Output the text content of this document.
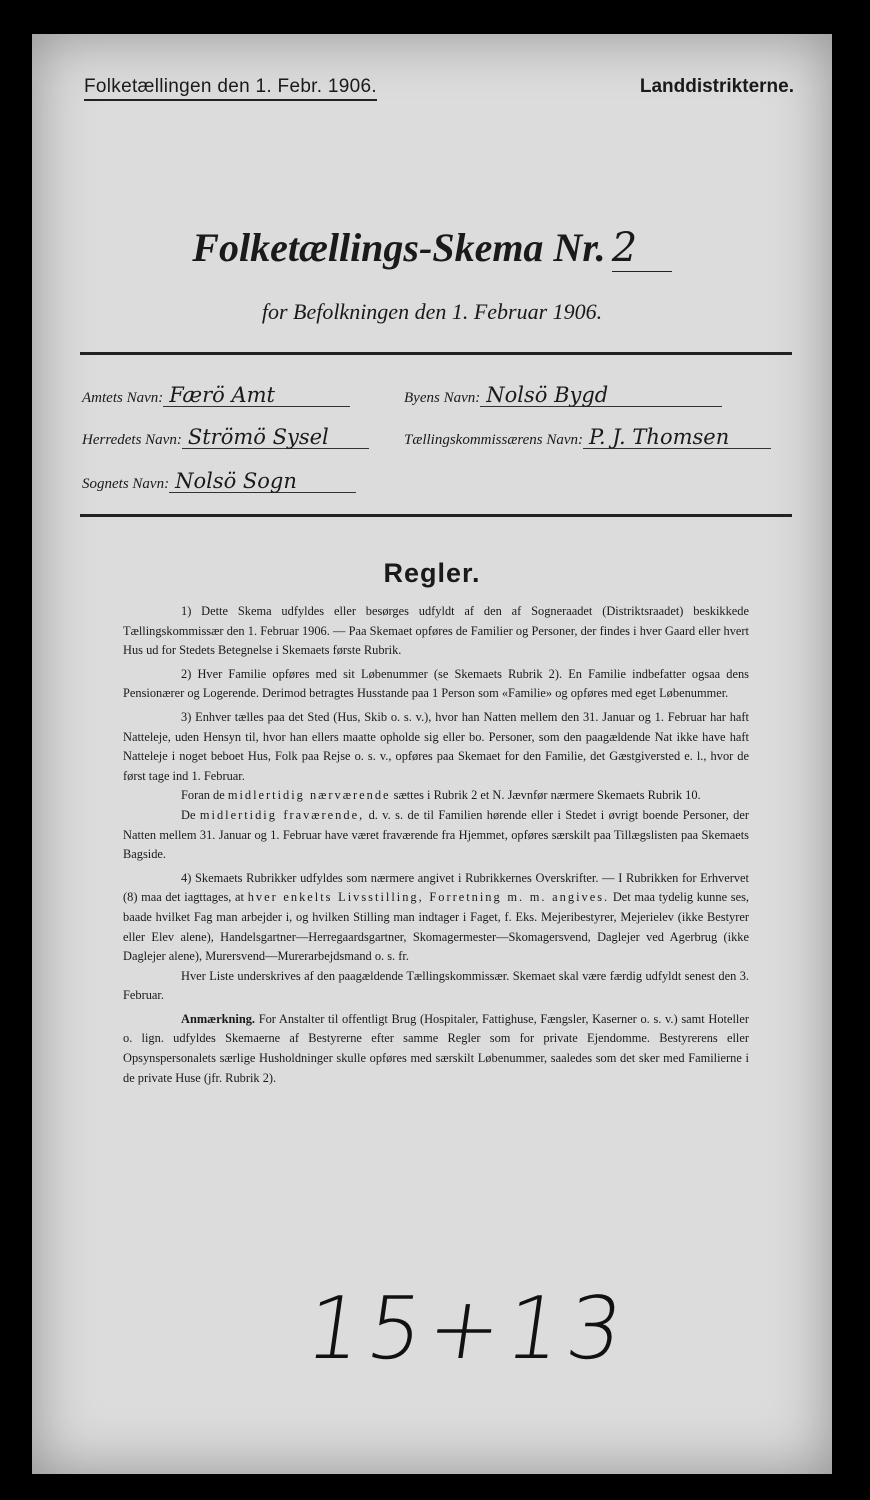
Folketællingen den 1. Febr. 1906.	Landdistrikterne.
Folketællings-Skema Nr. 2
for Befolkningen den 1. Februar 1906.
Amtets Navn: Færö Amt	Byens Navn: Nolsö Bygd
Herredets Navn: Strömö Sysel	Tællingskommissærens Navn: P. J. Thomsen
Sognets Navn: Nolsö Sogn
Regler.

1) Dette Skema udfyldes eller besørges udfyldt af den af Sogneraadet (Distriktsraadet) beskikkede Tællingskommissær den 1. Februar 1906. — Paa Skemaet opføres de Familier og Personer, der findes i hver Gaard eller hvert Hus ud for Stedets Betegnelse i Skemaets første Rubrik.

2) Hver Familie opføres med sit Løbenummer (se Skemaets Rubrik 2). En Familie indbefatter ogsaa dens Pensionærer og Logerende. Derimod betragtes Husstande paa 1 Person som «Familie» og opføres med eget Løbenummer.

3) Enhver tælles paa det Sted (Hus, Skib o. s. v.), hvor han Natten mellem den 31. Januar og 1. Februar har haft Natteleje, uden Hensyn til, hvor han ellers maatte opholde sig eller bo. Personer, som den paagældende Nat ikke have haft Natteleje i noget beboet Hus, Folk paa Rejse o. s. v., opføres paa Skemaet for den Familie, det Gæstgiversted e. l., hvor de først tage ind 1. Februar.

Foran de midlertidig nærværende sættes i Rubrik 2 et N. Jævnfør nærmere Skemaets Rubrik 10.

De midlertidig fraværende, d. v. s. de til Familien hørende eller i Stedet i øvrigt boende Personer, der Natten mellem 31. Januar og 1. Februar have været fraværende fra Hjemmet, opføres særskilt paa Tillægslisten paa Skemaets Bagside.

4) Skemaets Rubrikker udfyldes som nærmere angivet i Rubrikkernes Overskrifter. — I Rubrikken for Erhvervet (8) maa det iagttages, at hver enkelts Livsstilling, Forretning m. m. angives. Det maa tydelig kunne ses, baade hvilket Fag man arbejder i, og hvilken Stilling man indtager i Faget, f. Eks. Mejeribestyrer, Mejerielev (ikke Bestyrer eller Elev alene), Handelsgartner—Herregaardsgartner, Skomagermester—Skomagersvend, Daglejer ved Agerbrug (ikke Daglejer alene), Murersvend—Murerarbejdsmand o. s. fr.

Hver Liste underskrives af den paagældende Tællingskommissær. Skemaet skal være færdig udfyldt senest den 3. Februar.

Anmærkning. For Anstalter til offentligt Brug (Hospitaler, Fattighuse, Fængsler, Kaserner o. s. v.) samt Hoteller o. lign. udfyldes Skemaerne af Bestyrerne efter samme Regler som for private Ejendomme. Bestyrerens eller Opsynspersonalets særlige Husholdninger skulle opføres med særskilt Løbenummer, saaledes som det sker med Familierne i de private Huse (jfr. Rubrik 2).

15+13
